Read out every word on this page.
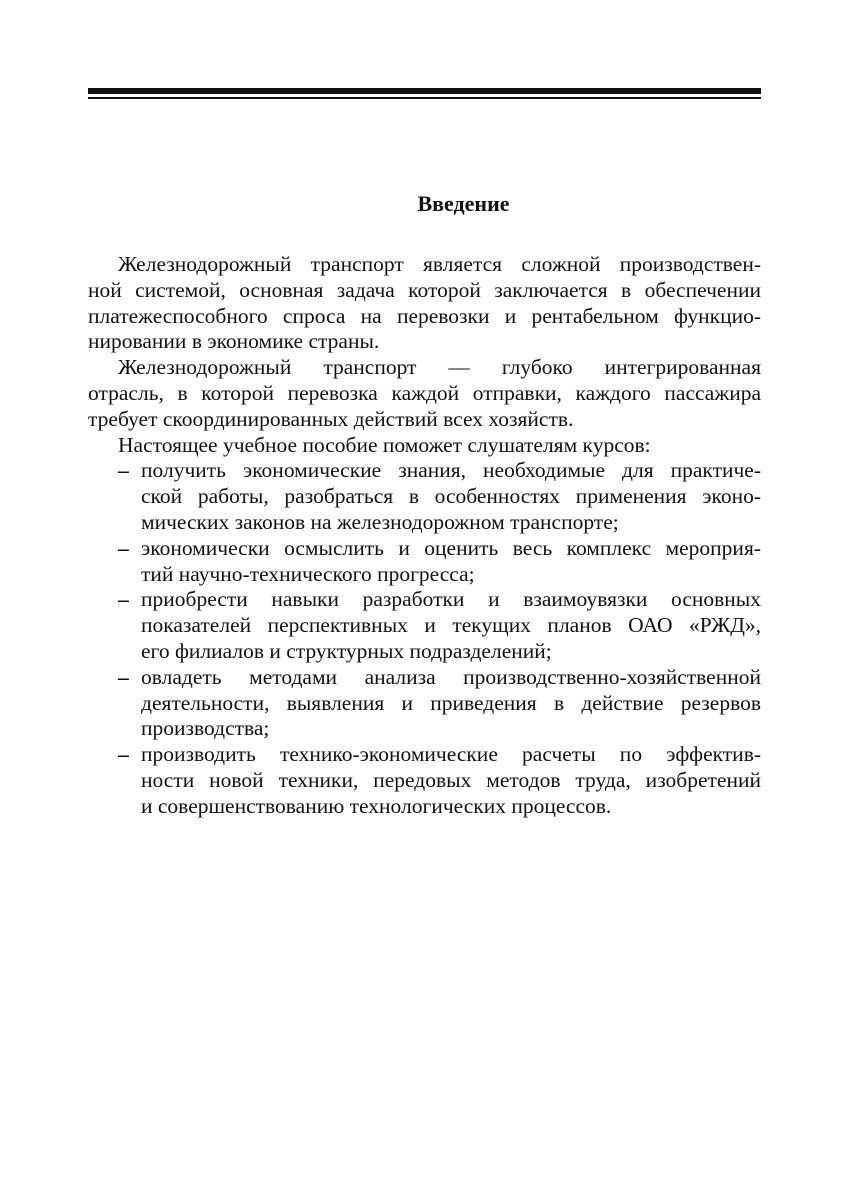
Введение
Железнодорожный транспорт является сложной производствен-
ной системой, основная задача которой заключается в обеспечении
платежеспособного спроса на перевозки и рентабельном функцио-
нировании в экономике страны.
Железнодорожный транспорт — глубоко интегрированная
отрасль, в которой перевозка каждой отправки, каждого пассажира
требует скоординированных действий всех хозяйств.
Настоящее учебное пособие поможет слушателям курсов:
– получить экономические знания, необходимые для практиче-
ской работы, разобраться в особенностях применения эконо-
мических законов на железнодорожном транспорте;
– экономически осмыслить и оценить весь комплекс мероприя-
тий научно-технического прогресса;
– приобрести навыки разработки и взаимоувязки основных
показателей перспективных и текущих планов ОАО «РЖД»,
его филиалов и структурных подразделений;
– овладеть методами анализа производственно-хозяйственной
деятельности, выявления и приведения в действие резервов
производства;
– производить технико-экономические расчеты по эффектив-
ности новой техники, передовых методов труда, изобретений
и совершенствованию технологических процессов.
